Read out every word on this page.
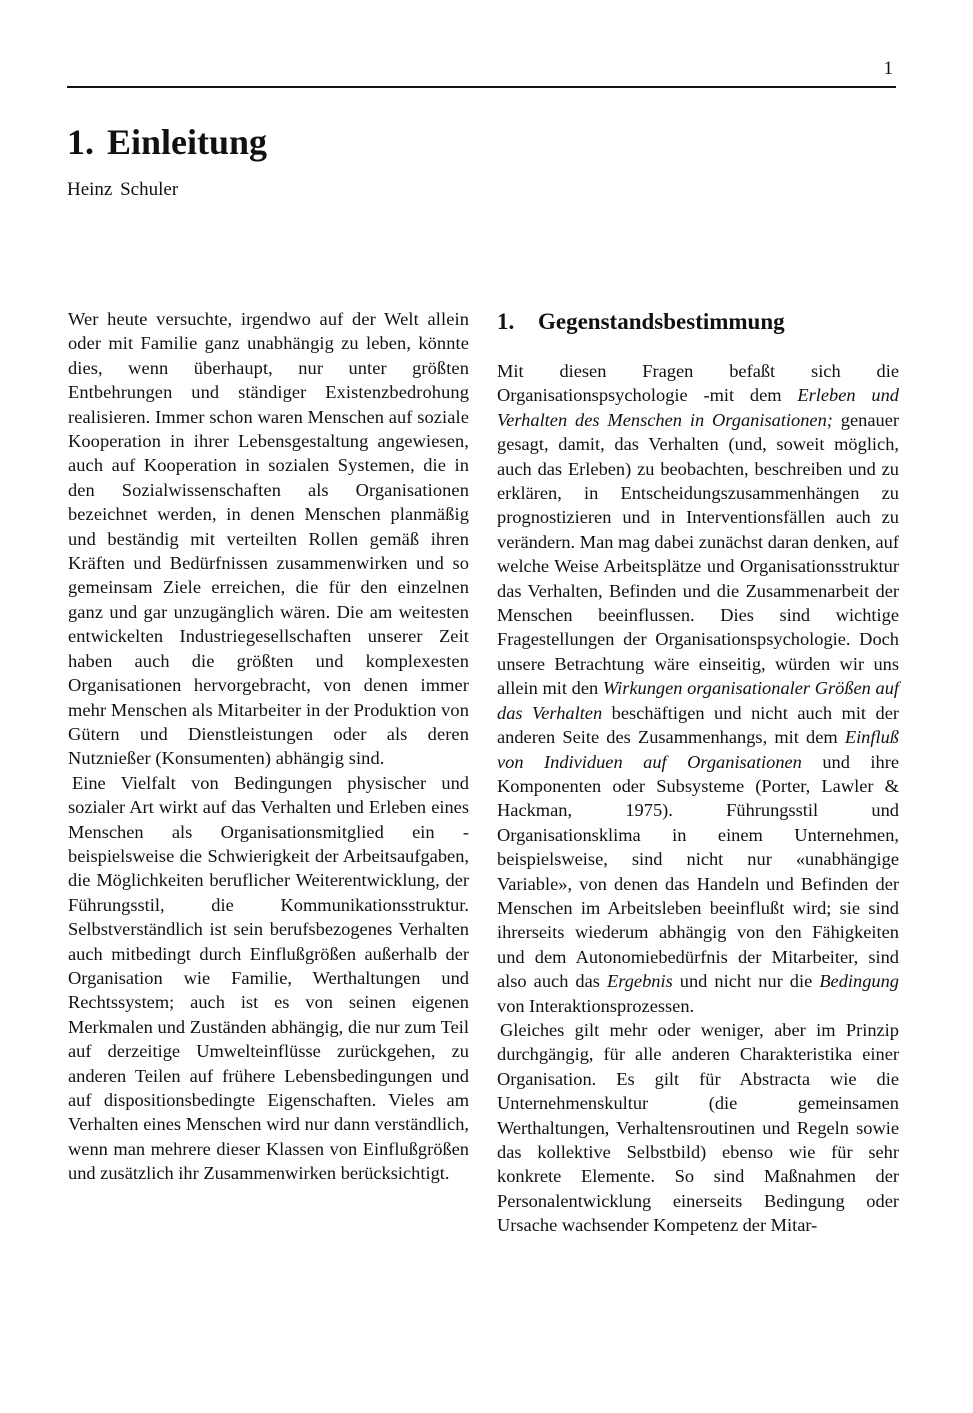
1
1. Einleitung
Heinz Schuler

Wer heute versuchte, irgendwo auf der Welt allein oder mit Familie ganz unabhängig zu leben, könnte dies, wenn überhaupt, nur unter größten Entbehrungen und ständiger Existenzbedrohung realisieren. Immer schon waren Menschen auf soziale Kooperation in ihrer Lebensgestaltung angewiesen, auch auf Kooperation in sozialen Systemen, die in den Sozialwissenschaften als Organisationen bezeichnet werden, in denen Menschen planmäßig und beständig mit verteilten Rollen gemäß ihren Kräften und Bedürfnissen zusammenwirken und so gemeinsam Ziele erreichen, die für den einzelnen ganz und gar unzugänglich wären. Die am weitesten entwickelten Industriegesellschaften unserer Zeit haben auch die größten und komplexesten Organisationen hervorgebracht, von denen immer mehr Menschen als Mitarbeiter in der Produktion von Gütern und Dienstleistungen oder als deren Nutznießer (Konsumenten) abhängig sind.

Eine Vielfalt von Bedingungen physischer und sozialer Art wirkt auf das Verhalten und Erleben eines Menschen als Organisationsmitglied ein - beispielsweise die Schwierigkeit der Arbeitsaufgaben, die Möglichkeiten beruflicher Weiterentwicklung, der Führungsstil, die Kommunikationsstruktur. Selbstverständlich ist sein berufsbezogenes Verhalten auch mitbedingt durch Einflußgrößen außerhalb der Organisation wie Familie, Werthaltungen und Rechtssystem; auch ist es von seinen eigenen Merkmalen und Zuständen abhängig, die nur zum Teil auf derzeitige Umwelteinflüsse zurückgehen, zu anderen Teilen auf frühere Lebensbedingungen und auf dispositionsbedingte Eigenschaften. Vieles am Verhalten eines Menschen wird nur dann verständlich, wenn man mehrere dieser Klassen von Einflußgrößen und zusätzlich ihr Zusammenwirken berücksichtigt.

1. Gegenstandsbestimmung

Mit diesen Fragen befaßt sich die Organisationspsychologie -mit dem Erleben und Verhalten des Menschen in Organisationen; genauer gesagt, damit, das Verhalten (und, soweit möglich, auch das Erleben) zu beobachten, beschreiben und zu erklären, in Entscheidungszusammenhängen zu prognostizieren und in Interventionsfällen auch zu verändern. Man mag dabei zunächst daran denken, auf welche Weise Arbeitsplätze und Organisationsstruktur das Verhalten, Befinden und die Zusammenarbeit der Menschen beeinflussen. Dies sind wichtige Fragestellungen der Organisationspsychologie. Doch unsere Betrachtung wäre einseitig, würden wir uns allein mit den Wirkungen organisationaler Größen auf das Verhalten beschäftigen und nicht auch mit der anderen Seite des Zusammenhangs, mit dem Einfluß von Individuen auf Organisationen und ihre Komponenten oder Subsysteme (Porter, Lawler & Hackman, 1975). Führungsstil und Organisationsklima in einem Unternehmen, beispielsweise, sind nicht nur «unabhängige Variable», von denen das Handeln und Befinden der Menschen im Arbeitsleben beeinflußt wird; sie sind ihrerseits wiederum abhängig von den Fähigkeiten und dem Autonomiebedürfnis der Mitarbeiter, sind also auch das Ergebnis und nicht nur die Bedingung von Interaktionsprozessen.

Gleiches gilt mehr oder weniger, aber im Prinzip durchgängig, für alle anderen Charakteristika einer Organisation. Es gilt für Abstracta wie die Unternehmenskultur (die gemeinsamen Werthaltungen, Verhaltensroutinen und Regeln sowie das kollektive Selbstbild) ebenso wie für sehr konkrete Elemente. So sind Maßnahmen der Personalentwicklung einerseits Bedingung oder Ursache wachsender Kompetenz der Mitar-
